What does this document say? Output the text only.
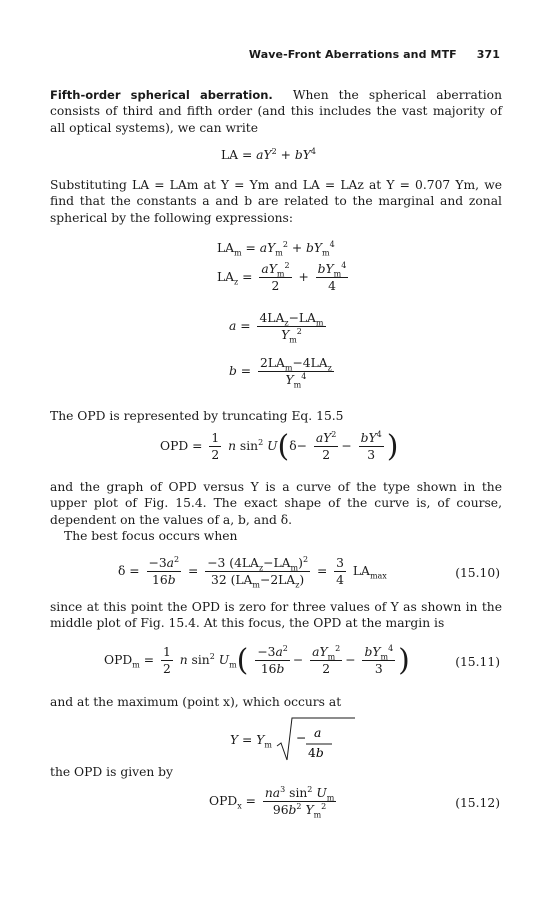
Wave-Front Aberrations and MTF 371
Fifth-order spherical aberration. When the spherical aberration consists of third and fifth order (and this includes the vast majority of all optical systems), we can write
LA = $aY^2 + bY^4$
Substituting LA = LAm at Y = Ym and LA = LAz at Y = 0.707 Ym, we find that the constants a and b are related to the marginal and zonal spherical by the following expressions:
$LA_m = aY_m^2 + bY_m^4$
$LA_z = \frac{aY_m^2}{2} + \frac{bY_m^4}{4}$
$a = \frac{4LA_z-LA_m}{Y_m^2}$
$b = \frac{2LA_m-4LA_z}{Y_m^4}$
The OPD is represented by truncating Eq. 15.5
OPD = $\frac{1}{2}$ n $\sin^2 U(\delta- \frac{aY^2}{2} - \frac{bY^4}{3}$ )
and the graph of OPD versus Y is a curve of the type shown in the upper plot of Fig. 15.4. The exact shape of the curve is, of course, dependent on the values of a, b, and δ.
The best focus occurs when
$\delta = \frac{-3a^2}{16b} = \frac{-3 (4LA_z-LA_m)^2}{32 (LA_m-2LA_z)} = \frac{3}{4} LA_{max}$	(15.10)
since at this point the OPD is zero for three values of Y as shown in the middle plot of Fig. 15.4. At this focus, the OPD at the margin is
$OPD_m = \frac{1}{2}$ n $\sin^2 U_m( \frac{-3a^2}{16b} - \frac{aY_m^2}{2} - \frac{bY_m^4}{3}$ )	(15.11)
and at the maximum (point x), which occurs at
$Y = Y_m - a$
4b
the OPD is given by
$OPD_x = \frac{na^3 \sin^2 U_m}{96b^2 Y_m^2}$	(15.12)
